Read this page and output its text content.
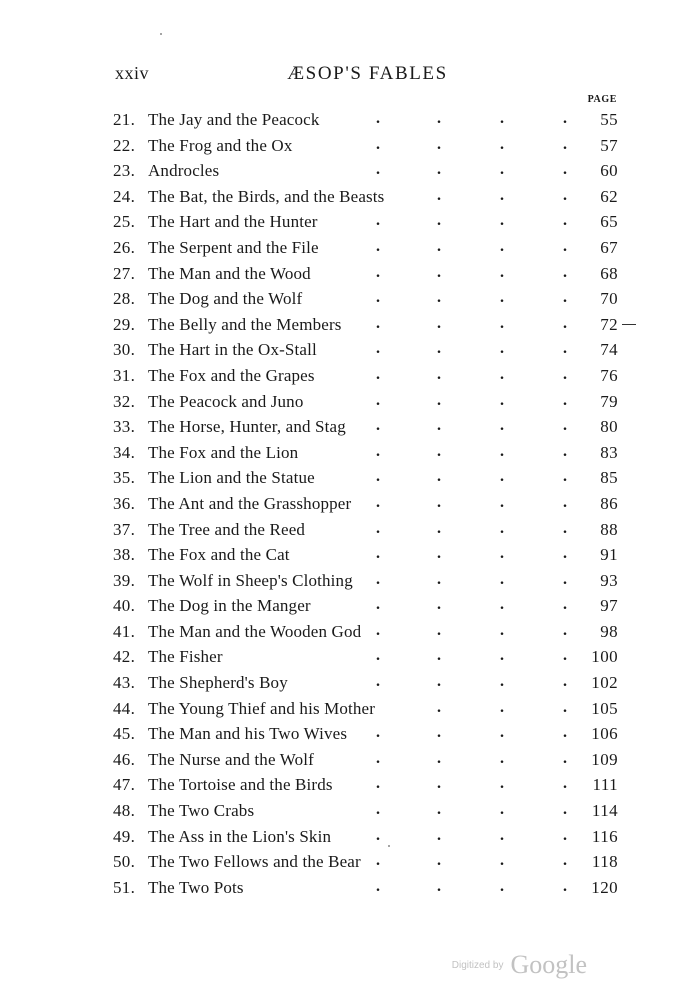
xxiv	ÆSOP'S FABLES
PAGE
21. The Jay and the Peacock	.	.	.	. 55
22. The Frog and the Ox	.	.	.	. 57
23. Androcles	.	.	.	. 60
24. The Bat, the Birds, and the Beasts	.	.	. 62
25. The Hart and the Hunter	.	.	.	. 65
26. The Serpent and the File	.	.	.	. 67
27. The Man and the Wood	.	.	.	. 68
28. The Dog and the Wolf	.	.	.	. 70
29. The Belly and the Members .	.	.	. 72
30. The Hart in the Ox-Stall	.	.	.	. 74
31. The Fox and the Grapes	.	.	.	. 76
32. The Peacock and Juno	.	.	.	. 79
33. The Horse, Hunter, and Stag .	.	.	. 80
34. The Fox and the Lion	.	.	.	. 83
35. The Lion and the Statue	.	.	.	. 85
36. The Ant and the Grasshopper .	.	.	. 86
37. The Tree and the Reed	.	.	.	. 88
38. The Fox and the Cat	.	.	.	. 91
39. The Wolf in Sheep's Clothing .	.	.	. 93
40. The Dog in the Manger	.	.	.	. 97
41. The Man and the Wooden God .	.	.	. 98
42. The Fisher	.	.	.	. 100
43. The Shepherd's Boy	.	.	.	. 102
44. The Young Thief and his Mother	.	.	. 105
45. The Man and his Two Wives .	.	.	. 106
46. The Nurse and the Wolf	.	.	.	. 109
47. The Tortoise and the Birds	.	.	.	. 111
48. The Two Crabs	.	.	.	. 114
49. The Ass in the Lion's Skin	.	.	.	. 116
50. The Two Fellows and the Bear .	.	.	. 118
51. The Two Pots	.	.	.	. 120
Digitized by Google
